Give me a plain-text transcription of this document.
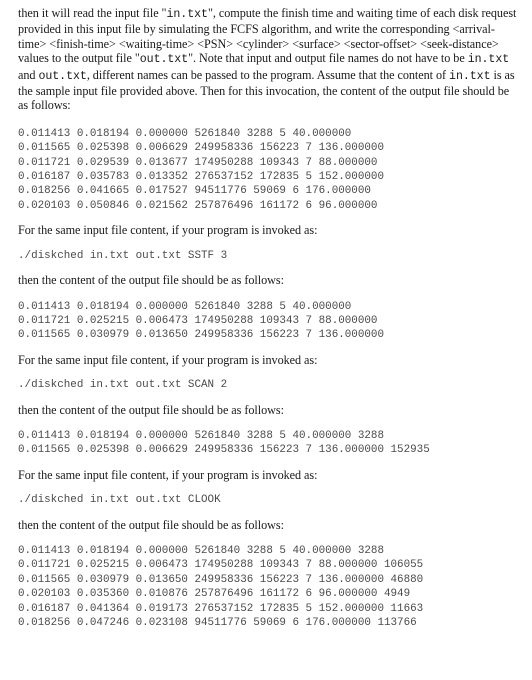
then it will read the input file "in.txt", compute the finish time and waiting time of each disk request provided in this input file by simulating the FCFS algorithm, and write the corresponding <arrival-time> <finish-time> <waiting-time> <PSN> <cylinder> <surface> <sector-offset> <seek-distance> values to the output file "out.txt". Note that input and output file names do not have to be in.txt and out.txt, different names can be passed to the program. Assume that the content of in.txt is as the sample input file provided above. Then for this invocation, the content of the output file should be as follows:

0.011413 0.018194 0.000000 5261840 3288 5 40.000000
0.011565 0.025398 0.006629 249958336 156223 7 136.000000
0.011721 0.029539 0.013677 174950288 109343 7 88.000000
0.016187 0.035783 0.013352 276537152 172835 5 152.000000
0.018256 0.041665 0.017527 94511776 59069 6 176.000000
0.020103 0.050846 0.021562 257876496 161172 6 96.000000

For the same input file content, if your program is invoked as:

./diskched in.txt out.txt SSTF 3

then the content of the output file should be as follows:

0.011413 0.018194 0.000000 5261840 3288 5 40.000000
0.011721 0.025215 0.006473 174950288 109343 7 88.000000
0.011565 0.030979 0.013650 249958336 156223 7 136.000000

For the same input file content, if your program is invoked as:

./diskched in.txt out.txt SCAN 2

then the content of the output file should be as follows:

0.011413 0.018194 0.000000 5261840 3288 5 40.000000 3288
0.011565 0.025398 0.006629 249958336 156223 7 136.000000 152935

For the same input file content, if your program is invoked as:

./diskched in.txt out.txt CLOOK

then the content of the output file should be as follows:

0.011413 0.018194 0.000000 5261840 3288 5 40.000000 3288
0.011721 0.025215 0.006473 174950288 109343 7 88.000000 106055
0.011565 0.030979 0.013650 249958336 156223 7 136.000000 46880
0.020103 0.035360 0.010876 257876496 161172 6 96.000000 4949
0.016187 0.041364 0.019173 276537152 172835 5 152.000000 11663
0.018256 0.047246 0.023108 94511776 59069 6 176.000000 113766
